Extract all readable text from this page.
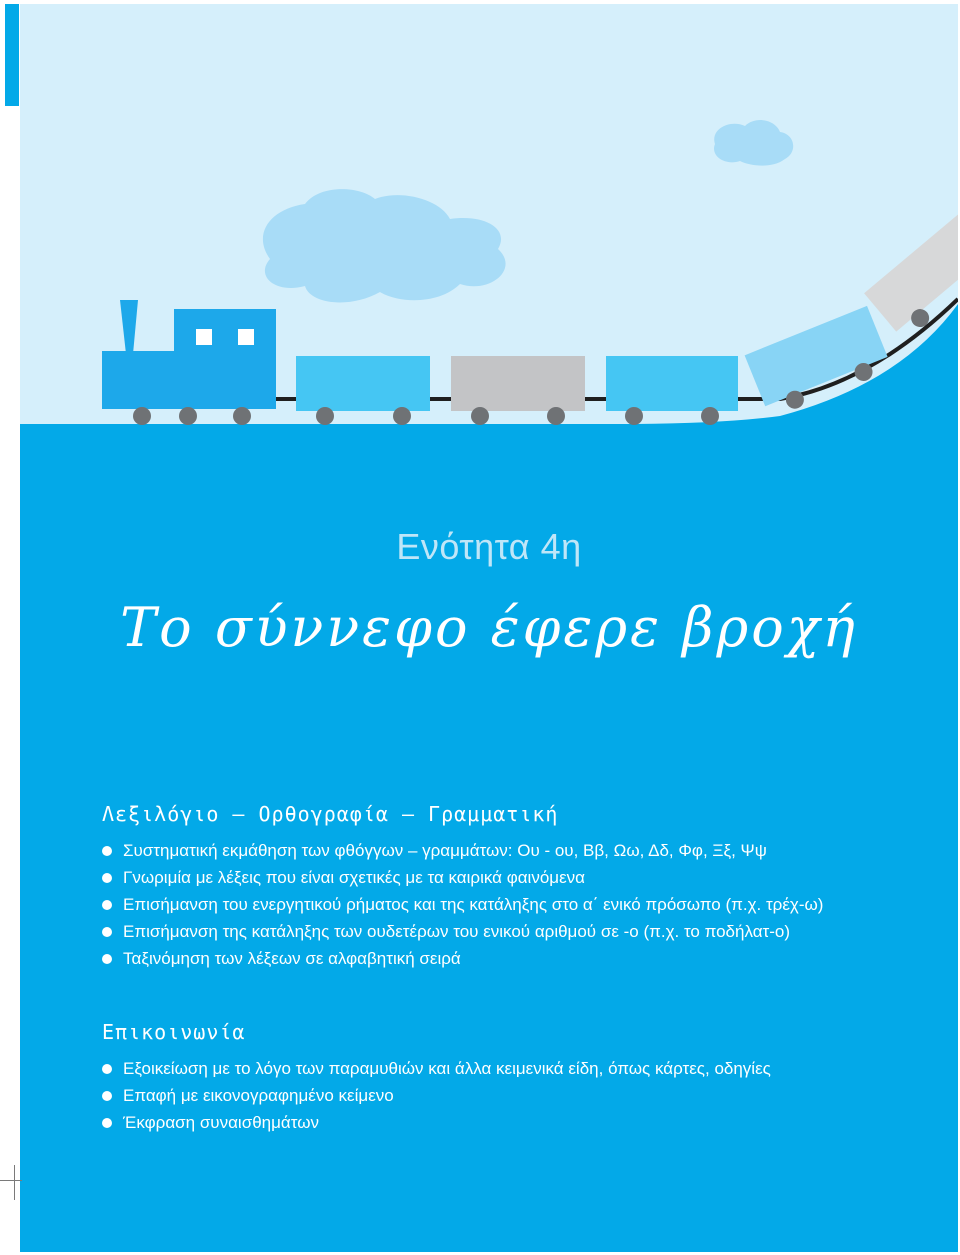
Ενότητα 4η
Το σύννεφο έφερε βροχή
Λεξιλόγιο – Ορθογραφία – Γραμματική
Συστηματική εκμάθηση των φθόγγων – γραμμάτων: Ου - ου, Ββ, Ωω, Δδ, Φφ, Ξξ, Ψψ
Γνωριμία με λέξεις που είναι σχετικές με τα καιρικά φαινόμενα
Επισήμανση του ενεργητικού ρήματος και της κατάληξης στο α΄ ενικό πρόσωπο (π.χ. τρέχ-ω)
Επισήμανση της κατάληξης των ουδετέρων του ενικού αριθμού σε -ο (π.χ. το ποδήλατ-ο)
Ταξινόμηση των λέξεων σε αλφαβητική σειρά
Επικοινωνία
Εξοικείωση με το λόγο των παραμυθιών και άλλα κειμενικά είδη, όπως κάρτες, οδηγίες
Επαφή με εικονογραφημένο κείμενο
Έκφραση συναισθημάτων
